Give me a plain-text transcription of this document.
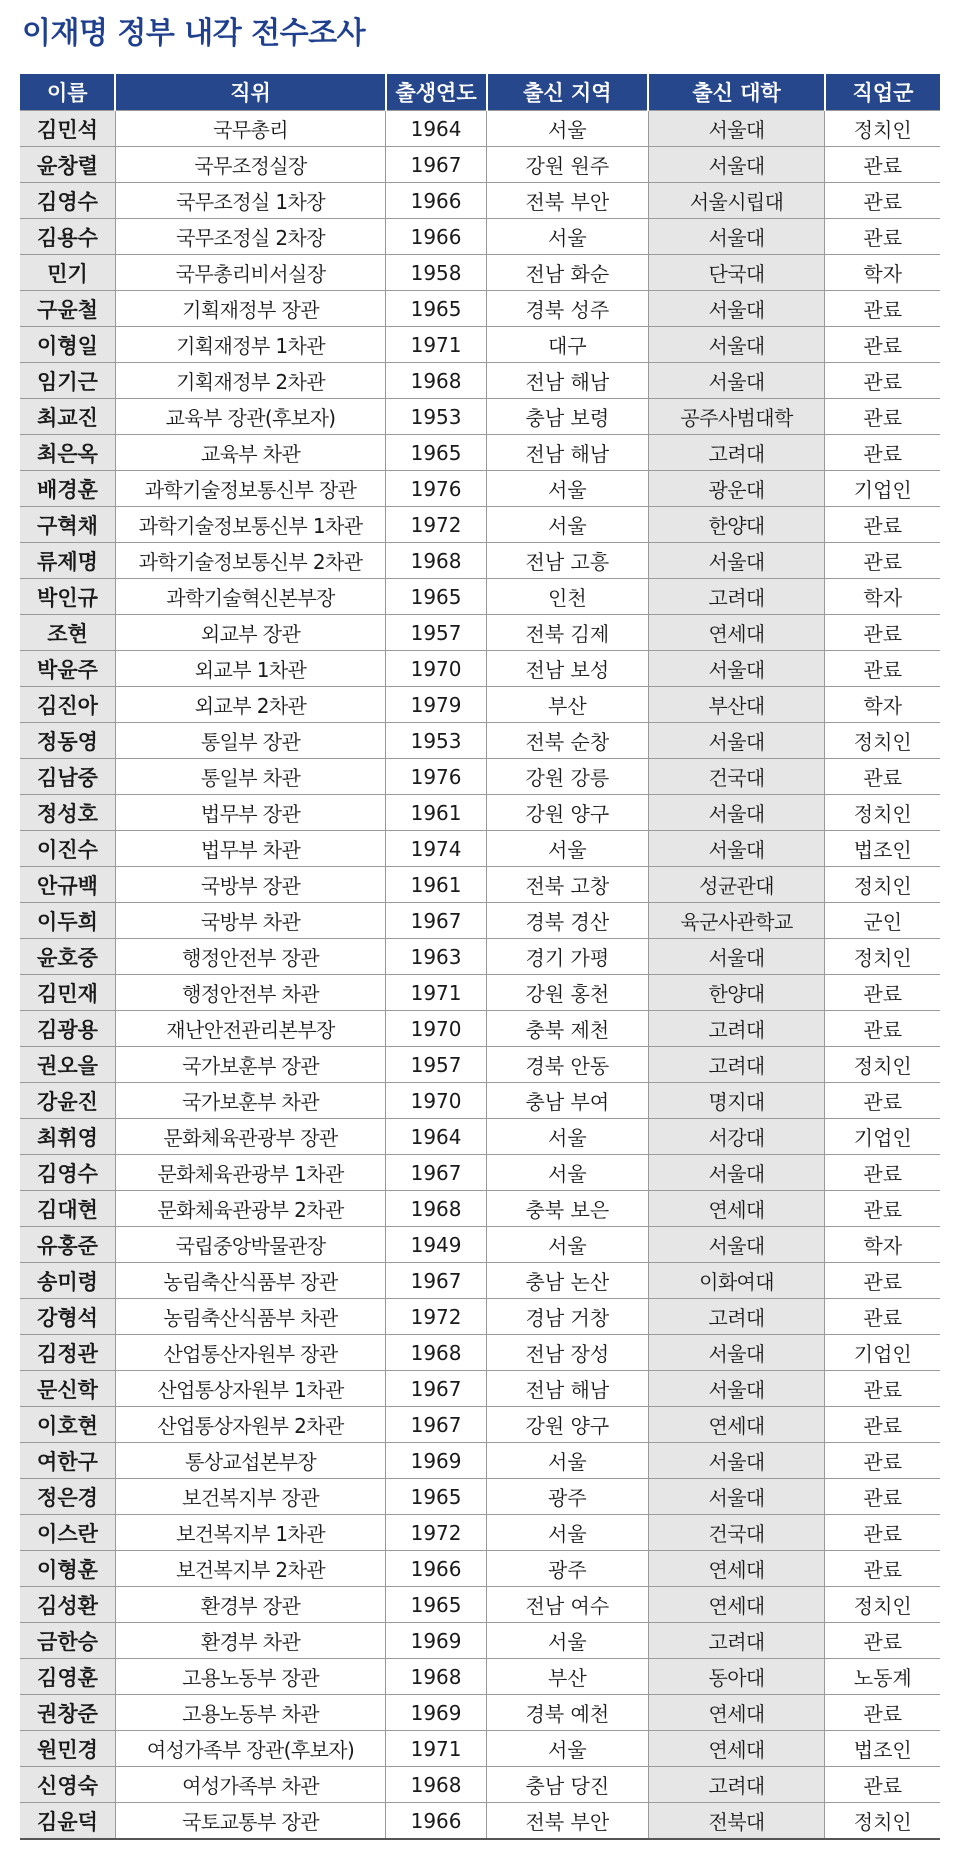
이재명 정부 내각 전수조사
이름	직위	출생연도	출신 지역	출신 대학	직업군
김민석	국무총리	1964	서울	서울대	정치인
윤창렬	국무조정실장	1967	강원 원주	서울대	관료
김영수	국무조정실 1차장	1966	전북 부안	서울시립대	관료
김용수	국무조정실 2차장	1966	서울	서울대	관료
민기	국무총리비서실장	1958	전남 화순	단국대	학자
구윤철	기획재정부 장관	1965	경북 성주	서울대	관료
이형일	기획재정부 1차관	1971	대구	서울대	관료
임기근	기획재정부 2차관	1968	전남 해남	서울대	관료
최교진	교육부 장관(후보자)	1953	충남 보령	공주사범대학	관료
최은옥	교육부 차관	1965	전남 해남	고려대	관료
배경훈	과학기술정보통신부 장관	1976	서울	광운대	기업인
구혁채	과학기술정보통신부 1차관	1972	서울	한양대	관료
류제명	과학기술정보통신부 2차관	1968	전남 고흥	서울대	관료
박인규	과학기술혁신본부장	1965	인천	고려대	학자
조현	외교부 장관	1957	전북 김제	연세대	관료
박윤주	외교부 1차관	1970	전남 보성	서울대	관료
김진아	외교부 2차관	1979	부산	부산대	학자
정동영	통일부 장관	1953	전북 순창	서울대	정치인
김남중	통일부 차관	1976	강원 강릉	건국대	관료
정성호	법무부 장관	1961	강원 양구	서울대	정치인
이진수	법무부 차관	1974	서울	서울대	법조인
안규백	국방부 장관	1961	전북 고창	성균관대	정치인
이두희	국방부 차관	1967	경북 경산	육군사관학교	군인
윤호중	행정안전부 장관	1963	경기 가평	서울대	정치인
김민재	행정안전부 차관	1971	강원 홍천	한양대	관료
김광용	재난안전관리본부장	1970	충북 제천	고려대	관료
권오을	국가보훈부 장관	1957	경북 안동	고려대	정치인
강윤진	국가보훈부 차관	1970	충남 부여	명지대	관료
최휘영	문화체육관광부 장관	1964	서울	서강대	기업인
김영수	문화체육관광부 1차관	1967	서울	서울대	관료
김대현	문화체육관광부 2차관	1968	충북 보은	연세대	관료
유홍준	국립중앙박물관장	1949	서울	서울대	학자
송미령	농림축산식품부 장관	1967	충남 논산	이화여대	관료
강형석	농림축산식품부 차관	1972	경남 거창	고려대	관료
김정관	산업통산자원부 장관	1968	전남 장성	서울대	기업인
문신학	산업통상자원부 1차관	1967	전남 해남	서울대	관료
이호현	산업통상자원부 2차관	1967	강원 양구	연세대	관료
여한구	통상교섭본부장	1969	서울	서울대	관료
정은경	보건복지부 장관	1965	광주	서울대	관료
이스란	보건복지부 1차관	1972	서울	건국대	관료
이형훈	보건복지부 2차관	1966	광주	연세대	관료
김성환	환경부 장관	1965	전남 여수	연세대	정치인
금한승	환경부 차관	1969	서울	고려대	관료
김영훈	고용노동부 장관	1968	부산	동아대	노동계
권창준	고용노동부 차관	1969	경북 예천	연세대	관료
원민경	여성가족부 장관(후보자)	1971	서울	연세대	법조인
신영숙	여성가족부 차관	1968	충남 당진	고려대	관료
김윤덕	국토교통부 장관	1966	전북 부안	전북대	정치인
